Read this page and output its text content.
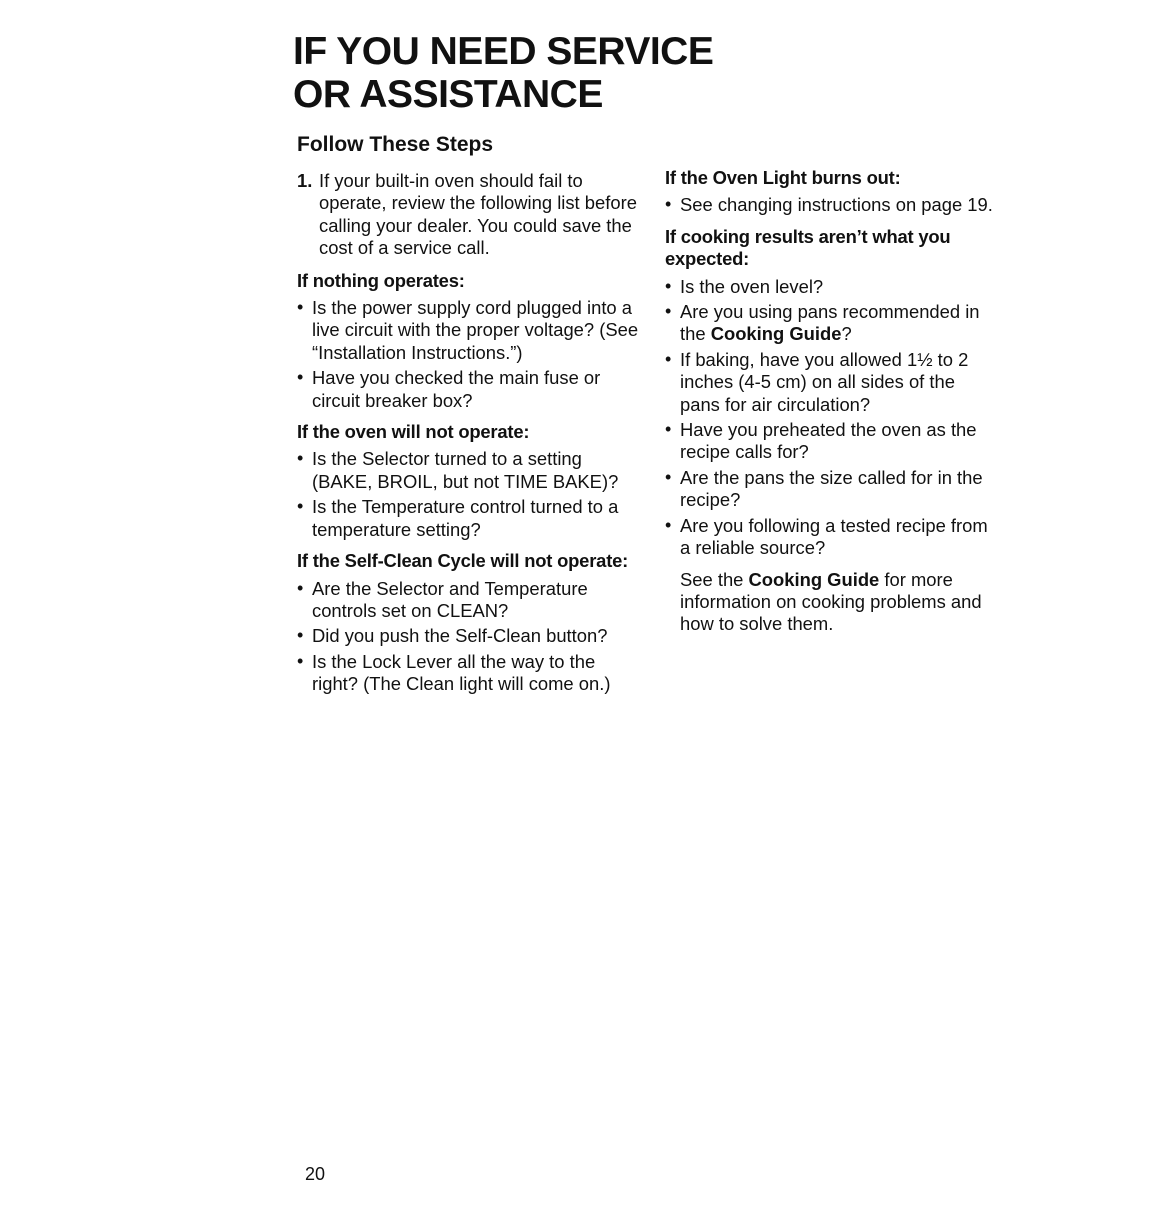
IF YOU NEED SERVICE
OR ASSISTANCE
Follow These Steps
1. If your built-in oven should fail to operate, review the following list before calling your dealer. You could save the cost of a service call.
If nothing operates:
• Is the power supply cord plugged into a live circuit with the proper voltage? (See “Installation Instructions.”)
• Have you checked the main fuse or circuit breaker box?
If the oven will not operate:
• Is the Selector turned to a setting (BAKE, BROIL, but not TIME BAKE)?
• Is the Temperature control turned to a temperature setting?
If the Self-Clean Cycle will not operate:
• Are the Selector and Temperature controls set on CLEAN?
• Did you push the Self-Clean button?
• Is the Lock Lever all the way to the right? (The Clean light will come on.)
If the Oven Light burns out:
• See changing instructions on page 19.
If cooking results aren’t what you expected:
• Is the oven level?
• Are you using pans recommended in the Cooking Guide?
• If baking, have you allowed 1½ to 2 inches (4-5 cm) on all sides of the pans for air circulation?
• Have you preheated the oven as the recipe calls for?
• Are the pans the size called for in the recipe?
• Are you following a tested recipe from a reliable source?

See the Cooking Guide for more information on cooking problems and how to solve them.

20
